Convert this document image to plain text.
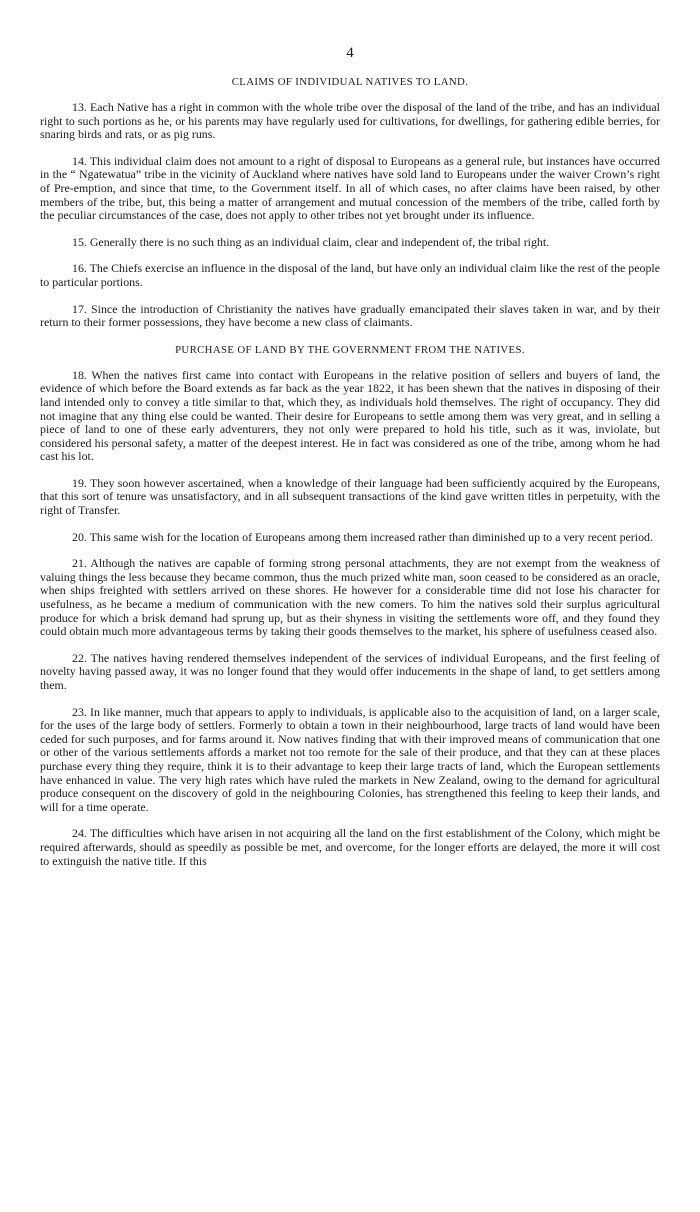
4
CLAIMS OF INDIVIDUAL NATIVES TO LAND.

13. Each Native has a right in common with the whole tribe over the disposal of the land of the tribe, and has an individual right to such portions as he, or his parents may have regularly used for cultivations, for dwellings, for gathering edible berries, for snaring birds and rats, or as pig runs.

14. This individual claim does not amount to a right of disposal to Europeans as a general rule, but instances have occurred in the “ Ngatewatua” tribe in the vicinity of Auckland where natives have sold land to Europeans under the waiver Crown’s right of Pre-emption, and since that time, to the Government itself. In all of which cases, no after claims have been raised, by other members of the tribe, but, this being a matter of arrangement and mutual concession of the members of the tribe, called forth by the peculiar circumstances of the case, does not apply to other tribes not yet brought under its influence.

15. Generally there is no such thing as an individual claim, clear and independent of, the tribal right.

16. The Chiefs exercise an influence in the disposal of the land, but have only an individual claim like the rest of the people to particular portions.

17. Since the introduction of Christianity the natives have gradually emancipated their slaves taken in war, and by their return to their former possessions, they have become a new class of claimants.

PURCHASE OF LAND BY THE GOVERNMENT FROM THE NATIVES.

18. When the natives first came into contact with Europeans in the relative position of sellers and buyers of land, the evidence of which before the Board extends as far back as the year 1822, it has been shewn that the natives in disposing of their land intended only to convey a title similar to that, which they, as individuals hold themselves. The right of occupancy. They did not imagine that any thing else could be wanted. Their desire for Europeans to settle among them was very great, and in selling a piece of land to one of these early adventurers, they not only were prepared to hold his title, such as it was, inviolate, but considered his personal safety, a matter of the deepest interest. He in fact was considered as one of the tribe, among whom he had cast his lot.

19. They soon however ascertained, when a knowledge of their language had been sufficiently acquired by the Europeans, that this sort of tenure was unsatisfactory, and in all subsequent transactions of the kind gave written titles in perpetuity, with the right of Transfer.

20. This same wish for the location of Europeans among them increased rather than diminished up to a very recent period.

21. Although the natives are capable of forming strong personal attachments, they are not exempt from the weakness of valuing things the less because they became common, thus the much prized white man, soon ceased to be considered as an oracle, when ships freighted with settlers arrived on these shores. He however for a considerable time did not lose his character for usefulness, as he became a medium of communication with the new comers. To him the natives sold their surplus agricultural produce for which a brisk demand had sprung up, but as their shyness in visiting the settlements wore off, and they found they could obtain much more advantageous terms by taking their goods themselves to the market, his sphere of usefulness ceased also.

22. The natives having rendered themselves independent of the services of individual Europeans, and the first feeling of novelty having passed away, it was no longer found that they would offer inducements in the shape of land, to get settlers among them.

23. In like manner, much that appears to apply to individuals, is applicable also to the acquisition of land, on a larger scale, for the uses of the large body of settlers. Formerly to obtain a town in their neighbourhood, large tracts of land would have been ceded for such purposes, and for farms around it. Now natives finding that with their improved means of communication that one or other of the various settlements affords a market not too remote for the sale of their produce, and that they can at these places purchase every thing they require, think it is to their advantage to keep their large tracts of land, which the European settlements have enhanced in value. The very high rates which have ruled the markets in New Zealand, owing to the demand for agricultural produce consequent on the discovery of gold in the neighbouring Colonies, has strengthened this feeling to keep their lands, and will for a time operate.

24. The difficulties which have arisen in not acquiring all the land on the first establishment of the Colony, which might be required afterwards, should as speedily as possible be met, and overcome, for the longer efforts are delayed, the more it will cost to extinguish the native title. If this
